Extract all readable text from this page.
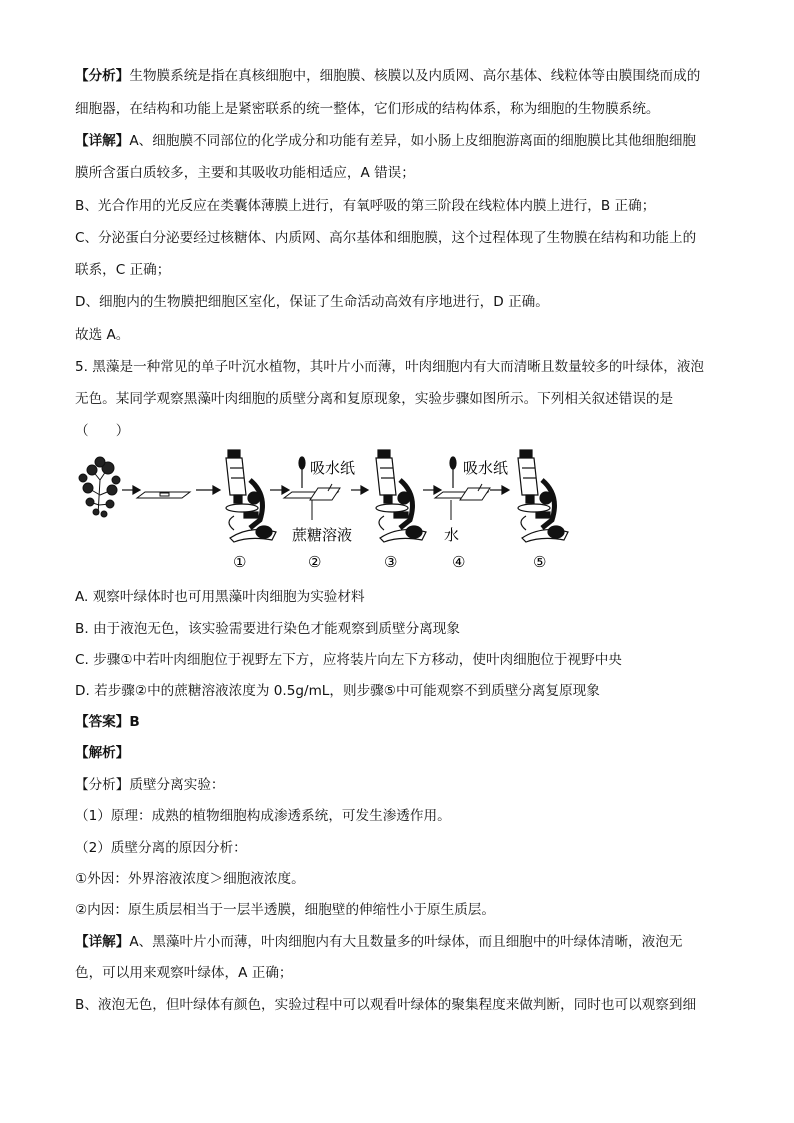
【分析】生物膜系统是指在真核细胞中，细胞膜、核膜以及内质网、高尔基体、线粒体等由膜围绕而成的
细胞器，在结构和功能上是紧密联系的统一整体，它们形成的结构体系，称为细胞的生物膜系统。
【详解】A、细胞膜不同部位的化学成分和功能有差异，如小肠上皮细胞游离面的细胞膜比其他细胞细胞
膜所含蛋白质较多，主要和其吸收功能相适应，A 错误；
B、光合作用的光反应在类囊体薄膜上进行，有氧呼吸的第三阶段在线粒体内膜上进行，B 正确；
C、分泌蛋白分泌要经过核糖体、内质网、高尔基体和细胞膜，这个过程体现了生物膜在结构和功能上的
联系，C 正确；
D、细胞内的生物膜把细胞区室化，保证了生命活动高效有序地进行，D 正确。
故选 A。
5. 黑藻是一种常见的单子叶沉水植物，其叶片小而薄，叶肉细胞内有大而清晰且数量较多的叶绿体，液泡
无色。某同学观察黑藻叶肉细胞的质壁分离和复原现象，实验步骤如图所示。下列相关叙述错误的是
（　　）
吸水纸
蔗糖溶液
吸水纸
水
①	②	③	④	⑤
A. 观察叶绿体时也可用黑藻叶肉细胞为实验材料
B. 由于液泡无色，该实验需要进行染色才能观察到质壁分离现象
C. 步骤①中若叶肉细胞位于视野左下方，应将装片向左下方移动，使叶肉细胞位于视野中央
D. 若步骤②中的蔗糖溶液浓度为 0.5g/mL，则步骤⑤中可能观察不到质壁分离复原现象
【答案】B
【解析】
【分析】质壁分离实验：
（1）原理：成熟的植物细胞构成渗透系统，可发生渗透作用。
（2）质壁分离的原因分析：
①外因：外界溶液浓度＞细胞液浓度。
②内因：原生质层相当于一层半透膜，细胞壁的伸缩性小于原生质层。
【详解】A、黑藻叶片小而薄，叶肉细胞内有大且数量多的叶绿体，而且细胞中的叶绿体清晰，液泡无
色，可以用来观察叶绿体，A 正确；
B、液泡无色，但叶绿体有颜色，实验过程中可以观看叶绿体的聚集程度来做判断，同时也可以观察到细
